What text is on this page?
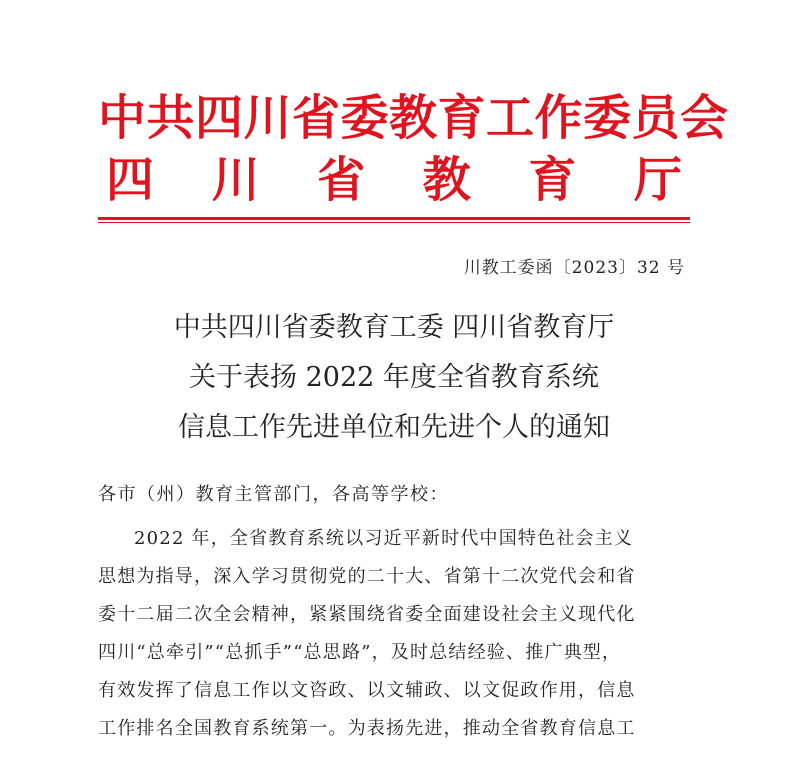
中共四川省委教育工作委员会
四 川 省 教 育 厅
川教工委函〔2023〕32 号
中共四川省委教育工委 四川省教育厅
关于表扬 2022 年度全省教育系统
信息工作先进单位和先进个人的通知
各市（州）教育主管部门，各高等学校：
2022 年，全省教育系统以习近平新时代中国特色社会主义
思想为指导，深入学习贯彻党的二十大、省第十二次党代会和省
委十二届二次全会精神，紧紧围绕省委全面建设社会主义现代化
四川“总牵引”“总抓手”“总思路”，及时总结经验、推广典型，
有效发挥了信息工作以文咨政、以文辅政、以文促政作用，信息
工作排名全国教育系统第一。为表扬先进，推动全省教育信息工
